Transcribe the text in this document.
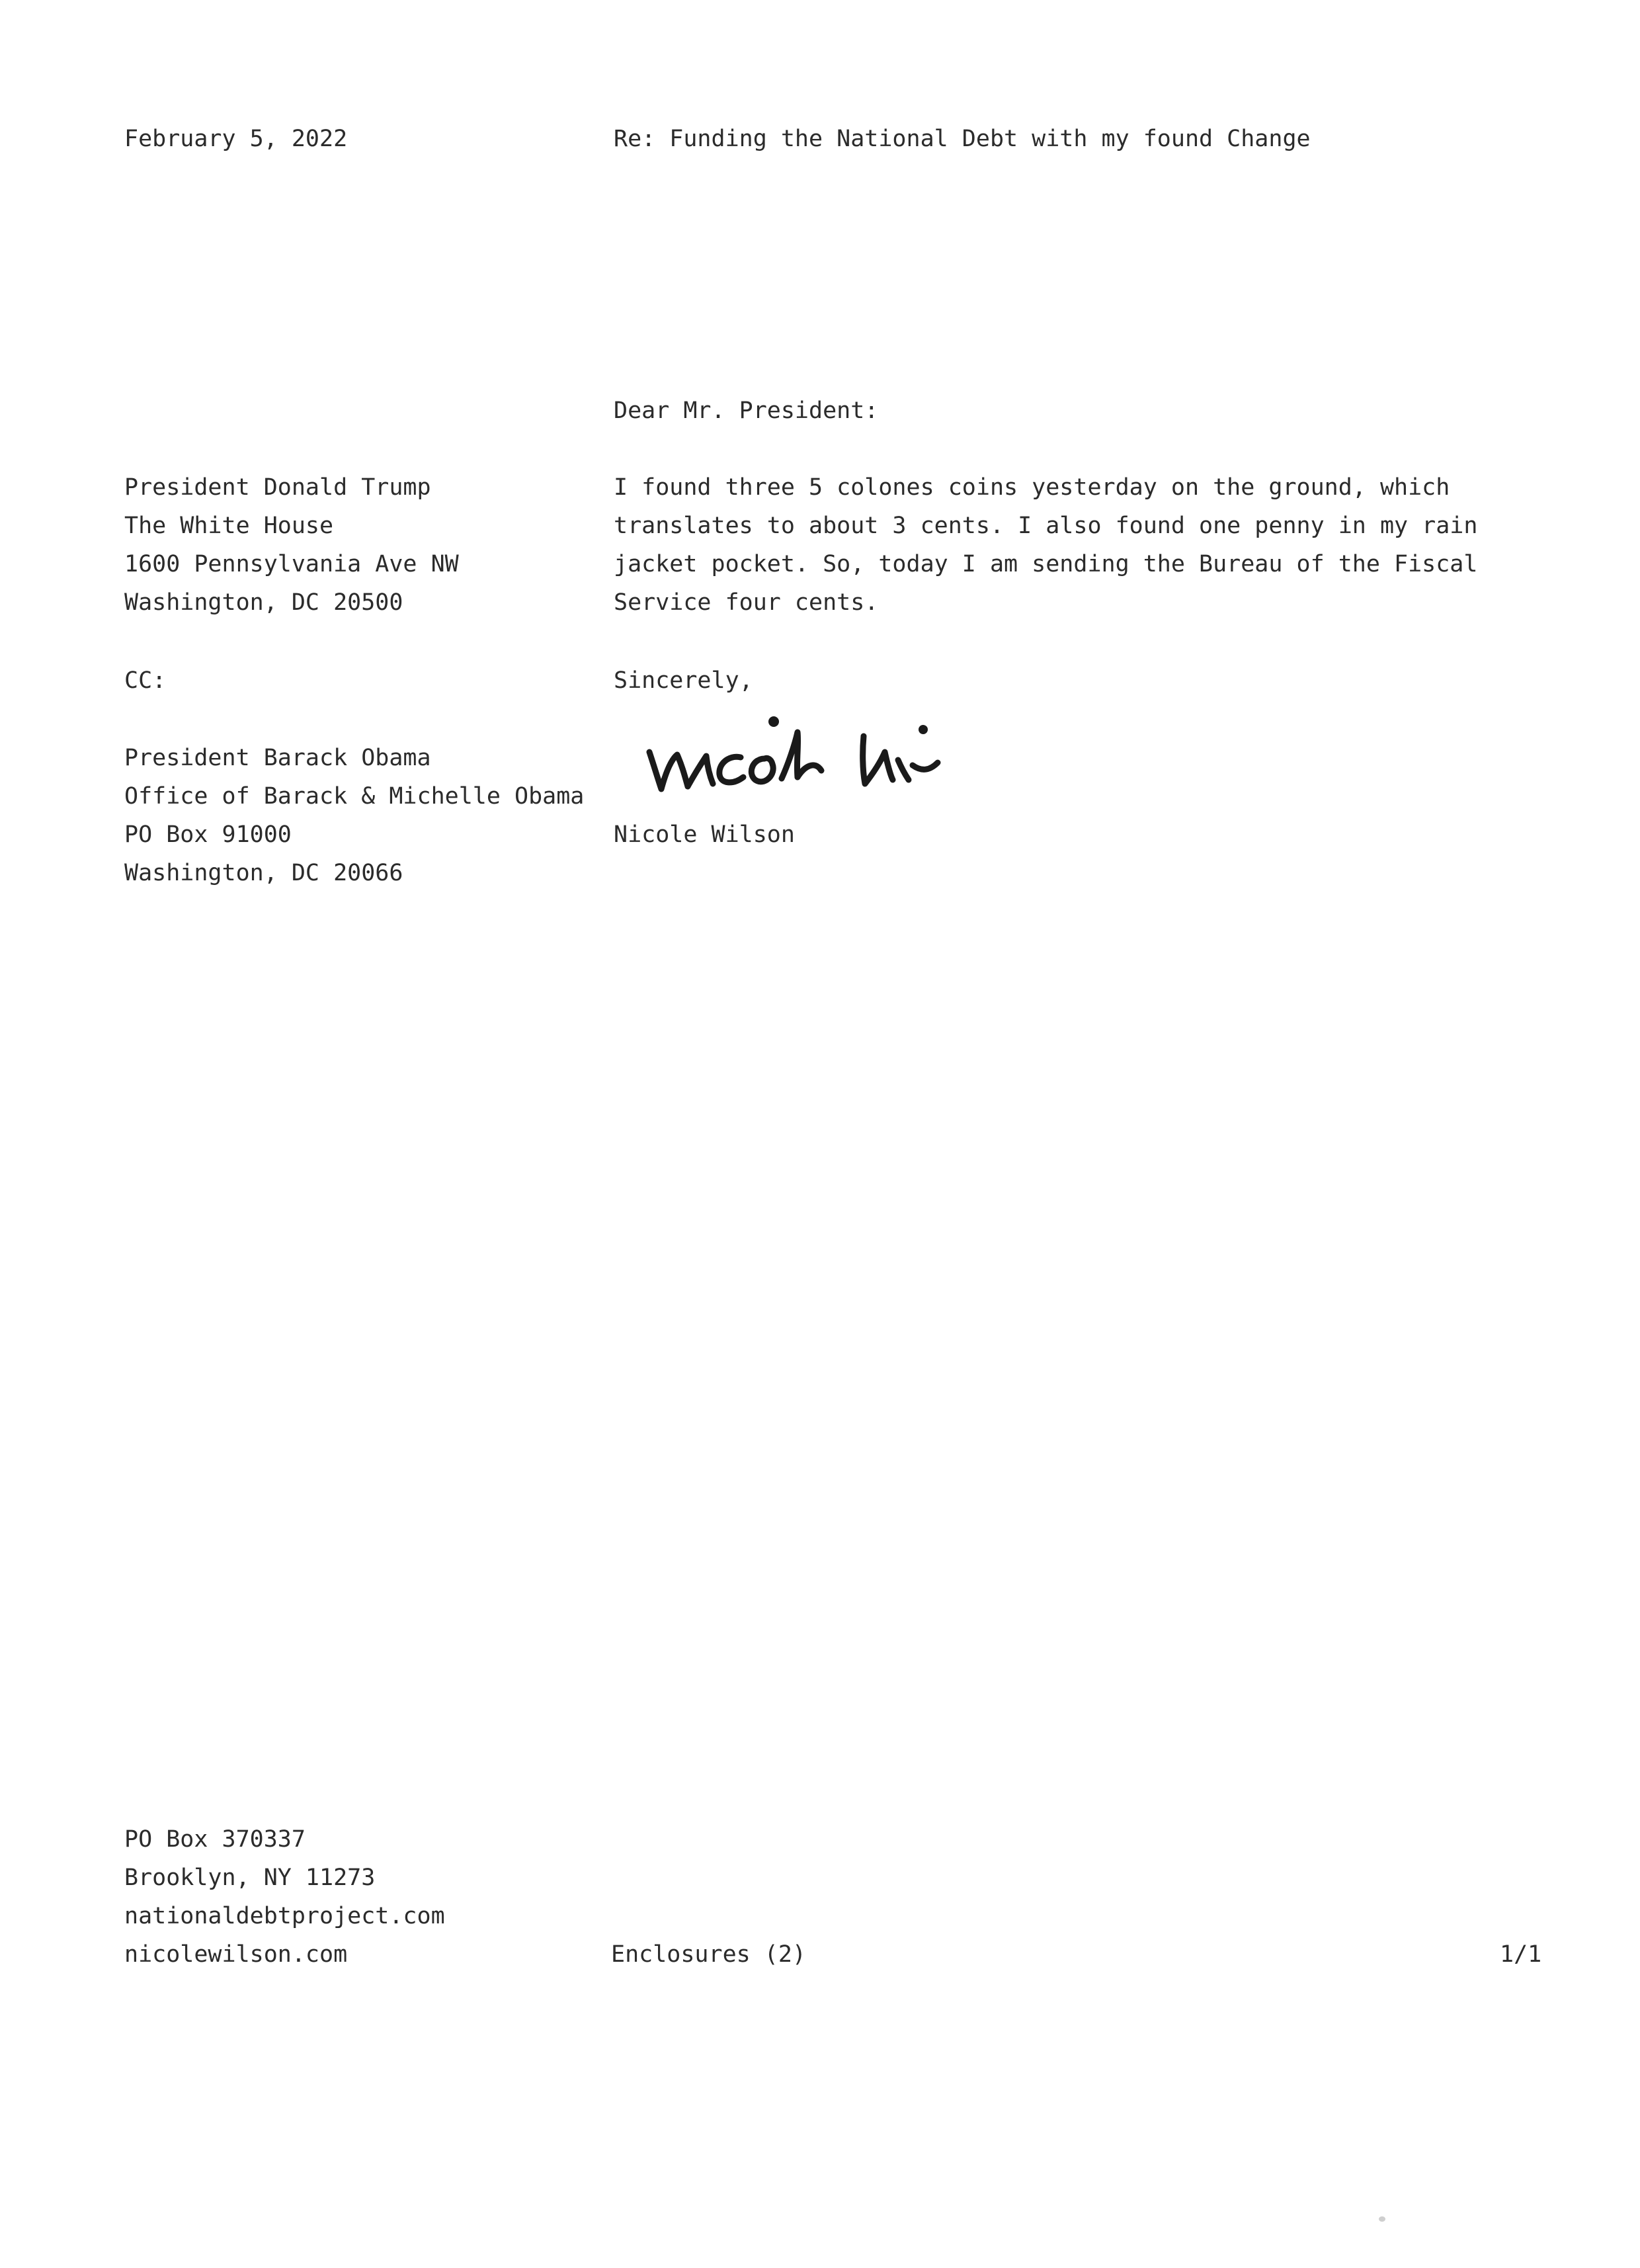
February 5, 2022	Re: Funding the National Debt with my found Change
Dear Mr. President:
President Donald Trump
The White House
1600 Pennsylvania Ave NW
Washington, DC 20500
I found three 5 colones coins yesterday on the ground, which
translates to about 3 cents. I also found one penny in my rain
jacket pocket. So, today I am sending the Bureau of the Fiscal
Service four cents.
CC:	Sincerely,
President Barack Obama
Office of Barack & Michelle Obama
PO Box 91000
Washington, DC 20066
Nicole Wilson
PO Box 370337
Brooklyn, NY 11273
nationaldebtproject.com
nicolewilson.com	Enclosures (2)	1/1
